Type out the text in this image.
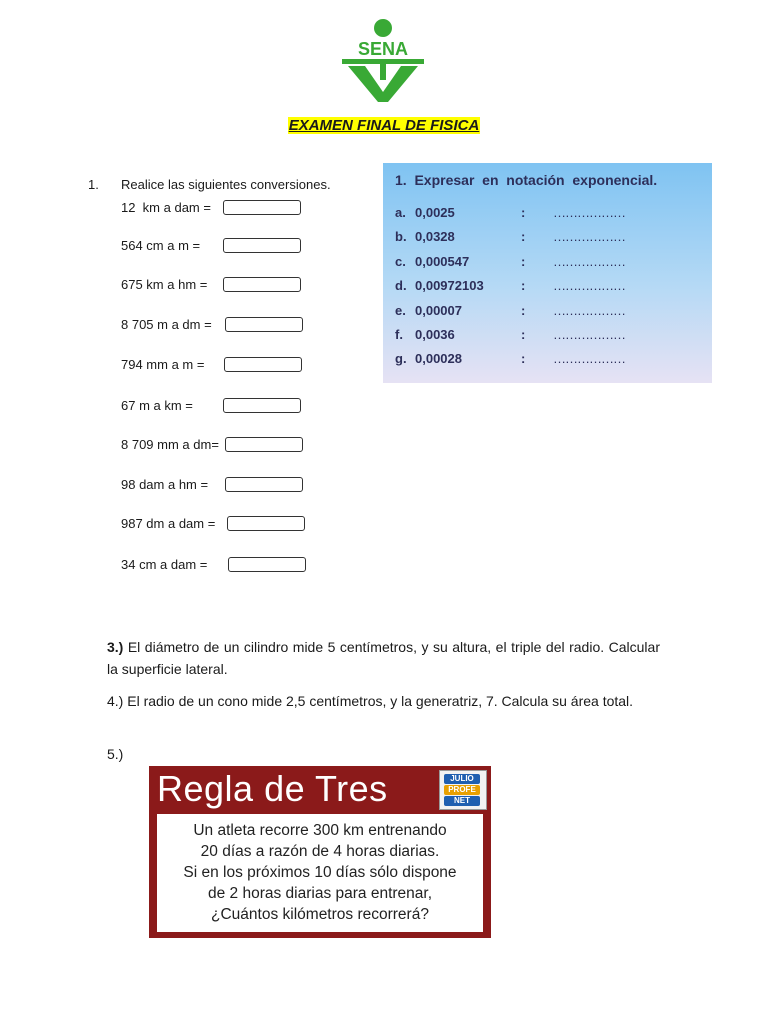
SENA
EXAMEN FINAL DE FISICA
1. Realice las siguientes conversiones.
12  km a dam =
564 cm a m =
675 km a hm =
8 705 m a dm =
794 mm a m =
67 m a km =
8 709 mm a dm=
98 dam a hm =
987 dm a dam =
34 cm a dam =
1.  Expresar  en  notación  exponencial.
a. 0,0025	: ………………
b. 0,0328	: ………………
c. 0,000547	: ………………
d. 0,00972103	: ………………
e. 0,00007	: ………………
f. 0,0036	: ………………
g. 0,00028	: ………………
3.) El diámetro de un cilindro mide 5 centímetros, y su altura, el triple del radio. Calcular la superficie lateral.
4.) El radio de un cono mide 2,5 centímetros, y la generatriz, 7. Calcula su área total.
5.)
Regla de Tres	JULIO
PROFE
NET
Un atleta recorre 300 km entrenando
20 días a razón de 4 horas diarias.
Si en los próximos 10 días sólo dispone
de 2 horas diarias para entrenar,
¿Cuántos kilómetros recorrerá?
